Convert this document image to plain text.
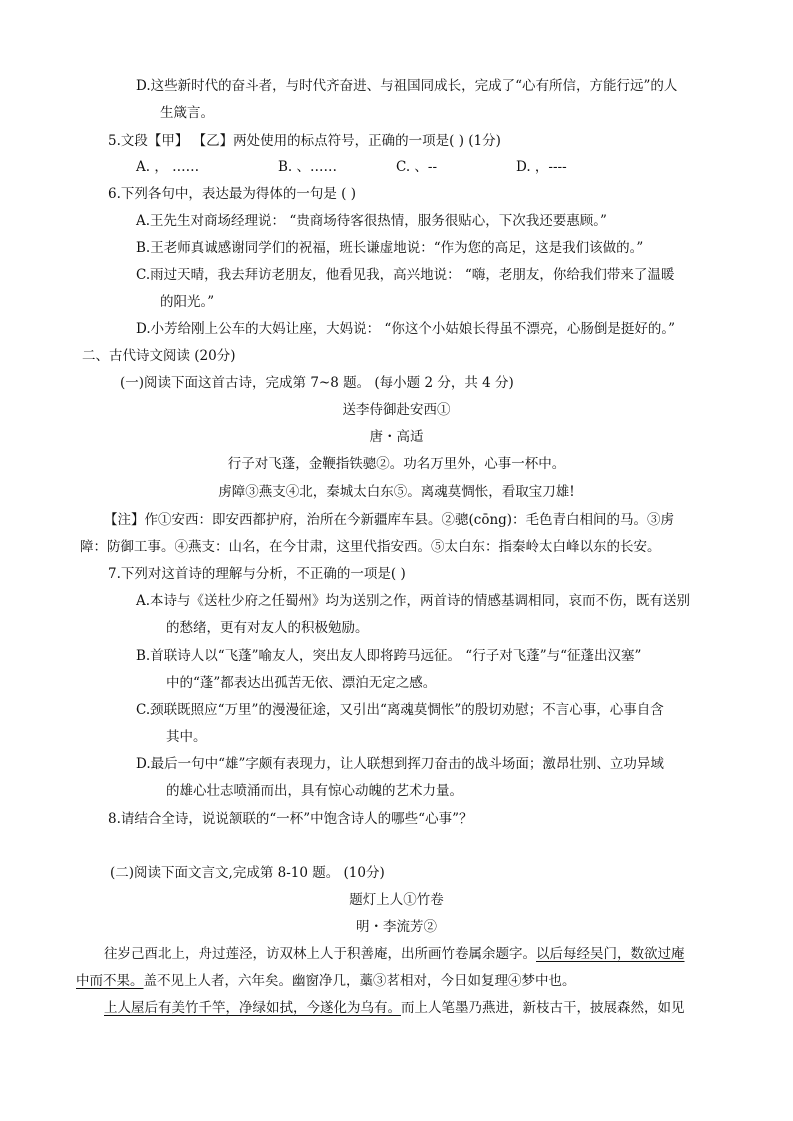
D.这些新时代的奋斗者，与时代齐奋进、与祖国同成长，完成了“心有所信，方能行远”的人
生箴言。
5.文段【甲】 【乙】两处使用的标点符号，正确的一项是( ) (1分)
A. ， ……	B. 、……	C. 、--	D. ，----
6.下列各句中，表达最为得体的一句是 ( )
A.王先生对商场经理说： “贵商场待客很热情，服务很贴心，下次我还要惠顾。”
B.王老师真诚感谢同学们的祝福，班长谦虚地说：“作为您的高足，这是我们该做的。”
C.雨过天晴，我去拜访老朋友，他看见我，高兴地说： “嗨，老朋友，你给我们带来了温暖
的阳光。”
D.小芳给刚上公车的大妈让座，大妈说： “你这个小姑娘长得虽不漂亮，心肠倒是挺好的。”
二、古代诗文阅读 (20分)
(一)阅读下面这首古诗，完成第 7~8 题。 (每小题 2 分，共 4 分)
送李侍御赴安西①
唐・高适
行子对飞蓬，金鞭指铁骢②。功名万里外，心事一杯中。
虏障③燕支④北，秦城太白东⑤。离魂莫惆怅，看取宝刀雄!
【注】作①安西：即安西都护府，治所在今新疆库车县。②骢(cōng)：毛色青白相间的马。③虏
障：防御工事。④燕支：山名，在今甘肃，这里代指安西。⑤太白东：指秦岭太白峰以东的长安。
7.下列对这首诗的理解与分析，不正确的一项是( )
A.本诗与《送杜少府之任蜀州》均为送别之作，两首诗的情感基调相同，哀而不伤，既有送别
的愁绪，更有对友人的积极勉励。
B.首联诗人以“飞蓬”喻友人，突出友人即将跨马远征。 “行子对飞蓬”与“征蓬出汉塞”
中的“蓬”都表达出孤苦无依、漂泊无定之感。
C.颈联既照应“万里”的漫漫征途，又引出“离魂莫惆怅”的殷切劝慰；不言心事，心事自含
其中。
D.最后一句中“雄”字颇有表现力，让人联想到挥刀奋击的战斗场面；激昂壮别、立功异域
的雄心壮志喷涌而出，具有惊心动魄的艺术力量。
8.请结合全诗，说说颔联的“一杯”中饱含诗人的哪些“心事”？
(二)阅读下面文言文,完成第 8-10 题。 (10分)
题灯上人①竹卷
明・李流芳②
往岁己酉北上，舟过莲泾，访双林上人于积善庵，出所画竹卷属余题字。以后每经吴门，数欲过庵
中而不果。盖不见上人者，六年矣。幽窗净几，藁③茗相对，今日如复理④梦中也。
上人屋后有美竹千竿，净绿如拭，今遂化为乌有。而上人笔墨乃燕进，新枝古干，披展森然，如见
